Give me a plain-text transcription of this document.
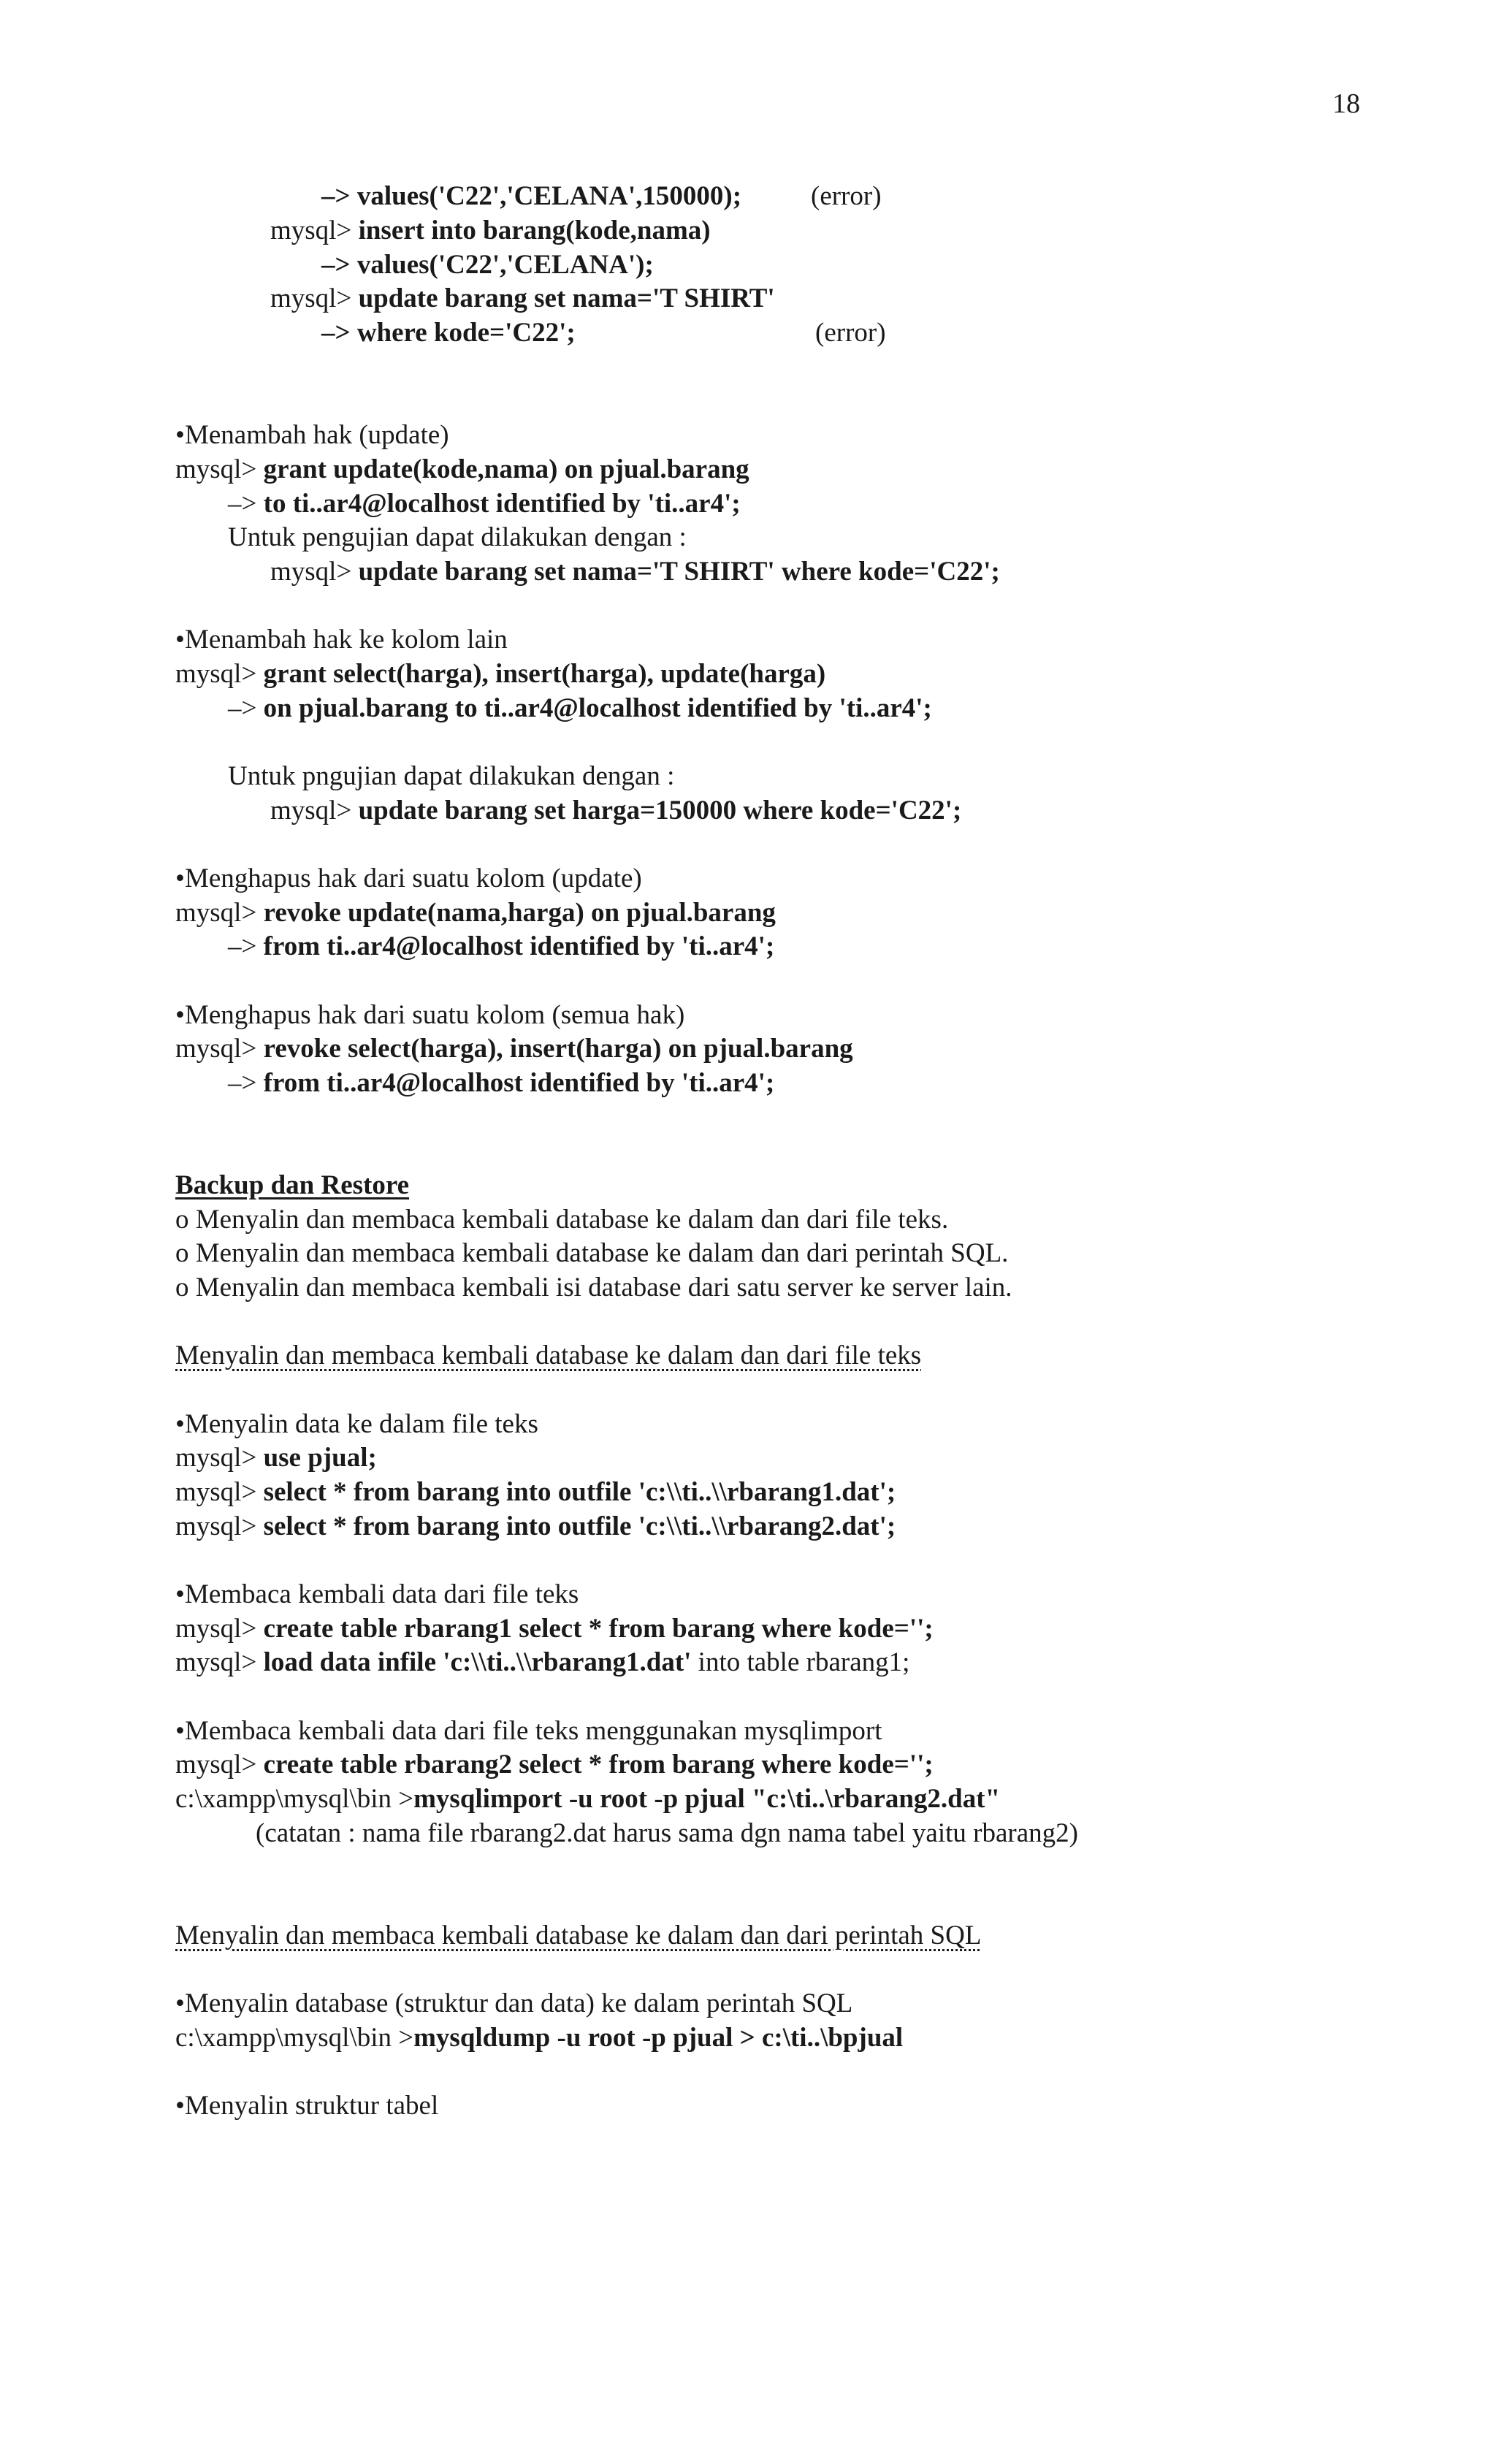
18
–> values('C22','CELANA',150000);	(error)
mysql> insert into barang(kode,nama)
–> values('C22','CELANA');
mysql> update barang set nama='T SHIRT'
–> where kode='C22';	(error)
•Menambah hak (update)
mysql> grant update(kode,nama) on pjual.barang
–> to ti..ar4@localhost identified by 'ti..ar4';
Untuk pengujian dapat dilakukan dengan :
mysql> update barang set nama='T SHIRT' where kode='C22';
•Menambah hak ke kolom lain
mysql> grant select(harga), insert(harga), update(harga)
–> on pjual.barang to ti..ar4@localhost identified by 'ti..ar4';
Untuk pngujian dapat dilakukan dengan :
mysql> update barang set harga=150000 where kode='C22';
•Menghapus hak dari suatu kolom (update)
mysql> revoke update(nama,harga) on pjual.barang
–> from ti..ar4@localhost identified by 'ti..ar4';
•Menghapus hak dari suatu kolom (semua hak)
mysql> revoke select(harga), insert(harga) on pjual.barang
–> from ti..ar4@localhost identified by 'ti..ar4';
Backup dan Restore
o Menyalin dan membaca kembali database ke dalam dan dari file teks.
o Menyalin dan membaca kembali database ke dalam dan dari perintah SQL.
o Menyalin dan membaca kembali isi database dari satu server ke server lain.
Menyalin dan membaca kembali database ke dalam dan dari file teks
•Menyalin data ke dalam file teks
mysql> use pjual;
mysql> select * from barang into outfile 'c:\\ti..\\rbarang1.dat';
mysql> select * from barang into outfile 'c:\\ti..\\rbarang2.dat';
•Membaca kembali data dari file teks
mysql> create table rbarang1 select * from barang where kode='';
mysql> load data infile 'c:\\ti..\\rbarang1.dat' into table rbarang1;
•Membaca kembali data dari file teks menggunakan mysqlimport
mysql> create table rbarang2 select * from barang where kode='';
c:\xampp\mysql\bin >mysqlimport -u root -p pjual "c:\ti..\rbarang2.dat"
(catatan : nama file rbarang2.dat harus sama dgn nama tabel yaitu rbarang2)
Menyalin dan membaca kembali database ke dalam dan dari perintah SQL
•Menyalin database (struktur dan data) ke dalam perintah SQL
c:\xampp\mysql\bin >mysqldump -u root -p pjual > c:\ti..\bpjual
•Menyalin struktur tabel
